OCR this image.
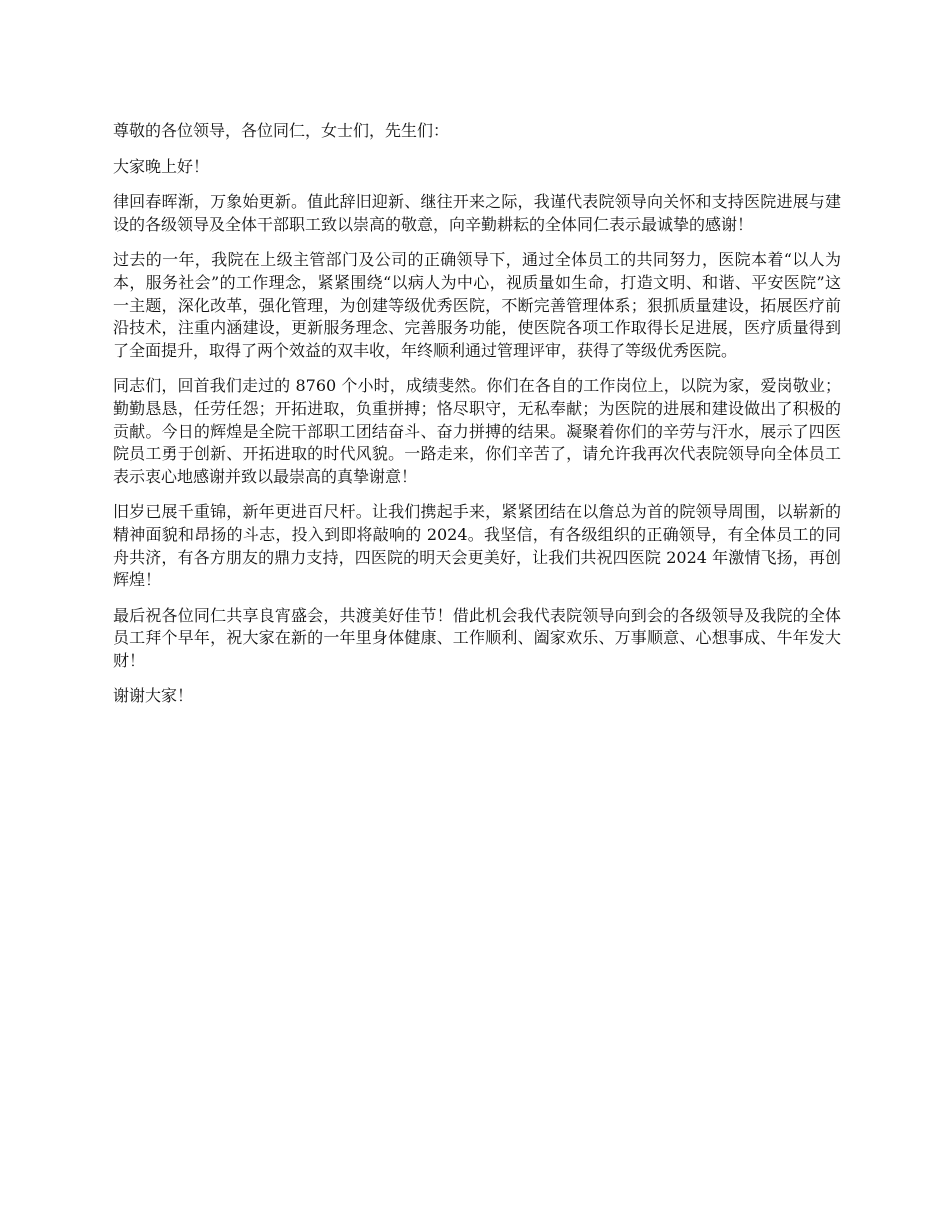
尊敬的各位领导，各位同仁，女士们，先生们：

大家晚上好！

律回春晖渐，万象始更新。值此辞旧迎新、继往开来之际，我谨代表院领导向关怀和支持医院进展与建设的各级领导及全体干部职工致以崇高的敬意，向辛勤耕耘的全体同仁表示最诚挚的感谢！

过去的一年，我院在上级主管部门及公司的正确领导下，通过全体员工的共同努力，医院本着“以人为本，服务社会”的工作理念，紧紧围绕“以病人为中心，视质量如生命，打造文明、和谐、平安医院”这一主题，深化改革，强化管理，为创建等级优秀医院，不断完善管理体系；狠抓质量建设，拓展医疗前沿技术，注重内涵建设，更新服务理念、完善服务功能，使医院各项工作取得长足进展，医疗质量得到了全面提升，取得了两个效益的双丰收，年终顺利通过管理评审，获得了等级优秀医院。

同志们，回首我们走过的 8760 个小时，成绩斐然。你们在各自的工作岗位上，以院为家，爱岗敬业；勤勤恳恳，任劳任怨；开拓进取，负重拼搏；恪尽职守，无私奉献；为医院的进展和建设做出了积极的贡献。今日的辉煌是全院干部职工团结奋斗、奋力拼搏的结果。凝聚着你们的辛劳与汗水，展示了四医院员工勇于创新、开拓进取的时代风貌。一路走来，你们辛苦了，请允许我再次代表院领导向全体员工表示衷心地感谢并致以最崇高的真挚谢意！

旧岁已展千重锦，新年更进百尺杆。让我们携起手来，紧紧团结在以詹总为首的院领导周围，以崭新的精神面貌和昂扬的斗志，投入到即将敲响的 2024。我坚信，有各级组织的正确领导，有全体员工的同舟共济，有各方朋友的鼎力支持，四医院的明天会更美好，让我们共祝四医院 2024 年激情飞扬，再创辉煌！

最后祝各位同仁共享良宵盛会，共渡美好佳节！借此机会我代表院领导向到会的各级领导及我院的全体员工拜个早年，祝大家在新的一年里身体健康、工作顺利、阖家欢乐、万事顺意、心想事成、牛年发大财！

谢谢大家！
